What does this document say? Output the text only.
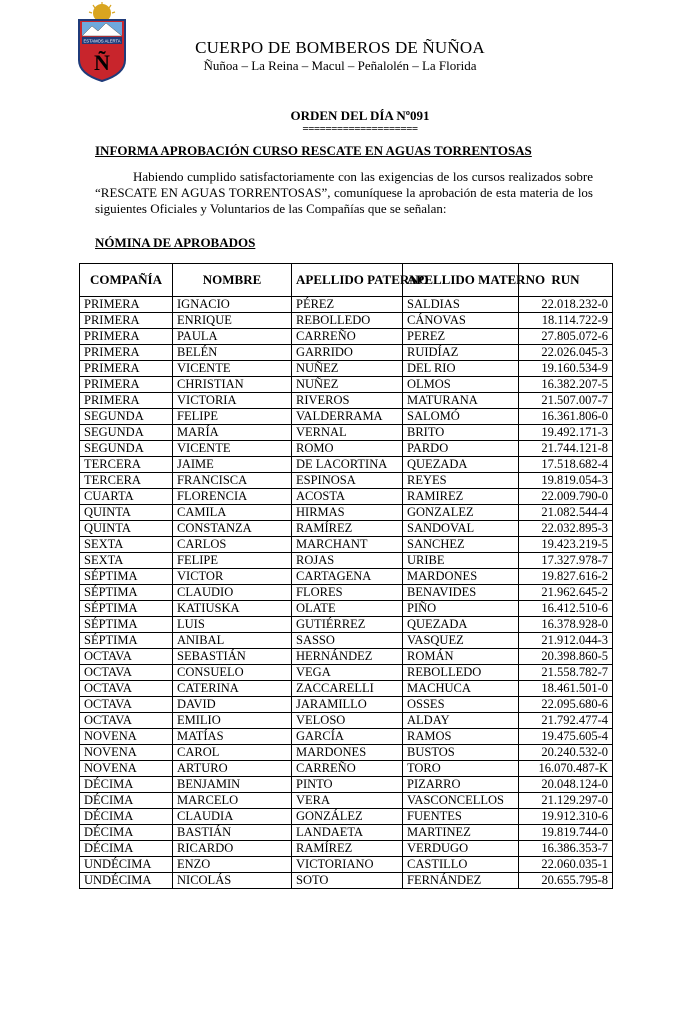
ESTAMOS ALERTA
Ñ
CUERPO DE BOMBEROS DE ÑUÑOA
Ñuñoa – La Reina – Macul – Peñalolén – La Florida
ORDEN DEL DÍA Nº091
====================
INFORMA APROBACIÓN CURSO RESCATE EN AGUAS TORRENTOSAS
Habiendo cumplido satisfactoriamente con las exigencias de los cursos realizados sobre “RESCATE EN AGUAS TORRENTOSAS”, comuníquese la aprobación de esta materia de los siguientes Oficiales y Voluntarios de las Compañías que se señalan:
NÓMINA DE APROBADOS
COMPAÑÍA	NOMBRE	APELLIDO PATERNO	APELLIDO MATERNO	RUN
PRIMERA	IGNACIO	PÉREZ	SALDIAS	22.018.232-0
PRIMERA	ENRIQUE	REBOLLEDO	CÁNOVAS	18.114.722-9
PRIMERA	PAULA	CARREÑO	PEREZ	27.805.072-6
PRIMERA	BELÉN	GARRIDO	RUIDÍAZ	22.026.045-3
PRIMERA	VICENTE	NUÑEZ	DEL RIO	19.160.534-9
PRIMERA	CHRISTIAN	NUÑEZ	OLMOS	16.382.207-5
PRIMERA	VICTORIA	RIVEROS	MATURANA	21.507.007-7
SEGUNDA	FELIPE	VALDERRAMA	SALOMÓ	16.361.806-0
SEGUNDA	MARÍA	VERNAL	BRITO	19.492.171-3
SEGUNDA	VICENTE	ROMO	PARDO	21.744.121-8
TERCERA	JAIME	DE LACORTINA	QUEZADA	17.518.682-4
TERCERA	FRANCISCA	ESPINOSA	REYES	19.819.054-3
CUARTA	FLORENCIA	ACOSTA	RAMIREZ	22.009.790-0
QUINTA	CAMILA	HIRMAS	GONZALEZ	21.082.544-4
QUINTA	CONSTANZA	RAMÍREZ	SANDOVAL	22.032.895-3
SEXTA	CARLOS	MARCHANT	SANCHEZ	19.423.219-5
SEXTA	FELIPE	ROJAS	URIBE	17.327.978-7
SÉPTIMA	VICTOR	CARTAGENA	MARDONES	19.827.616-2
SÉPTIMA	CLAUDIO	FLORES	BENAVIDES	21.962.645-2
SÉPTIMA	KATIUSKA	OLATE	PIÑO	16.412.510-6
SÉPTIMA	LUIS	GUTIÉRREZ	QUEZADA	16.378.928-0
SÉPTIMA	ANIBAL	SASSO	VASQUEZ	21.912.044-3
OCTAVA	SEBASTIÁN	HERNÁNDEZ	ROMÁN	20.398.860-5
OCTAVA	CONSUELO	VEGA	REBOLLEDO	21.558.782-7
OCTAVA	CATERINA	ZACCARELLI	MACHUCA	18.461.501-0
OCTAVA	DAVID	JARAMILLO	OSSES	22.095.680-6
OCTAVA	EMILIO	VELOSO	ALDAY	21.792.477-4
NOVENA	MATÍAS	GARCÍA	RAMOS	19.475.605-4
NOVENA	CAROL	MARDONES	BUSTOS	20.240.532-0
NOVENA	ARTURO	CARREÑO	TORO	16.070.487-K
DÉCIMA	BENJAMIN	PINTO	PIZARRO	20.048.124-0
DÉCIMA	MARCELO	VERA	VASCONCELLOS	21.129.297-0
DÉCIMA	CLAUDIA	GONZÁLEZ	FUENTES	19.912.310-6
DÉCIMA	BASTIÁN	LANDAETA	MARTINEZ	19.819.744-0
DÉCIMA	RICARDO	RAMÍREZ	VERDUGO	16.386.353-7
UNDÉCIMA	ENZO	VICTORIANO	CASTILLO	22.060.035-1
UNDÉCIMA	NICOLÁS	SOTO	FERNÁNDEZ	20.655.795-8
